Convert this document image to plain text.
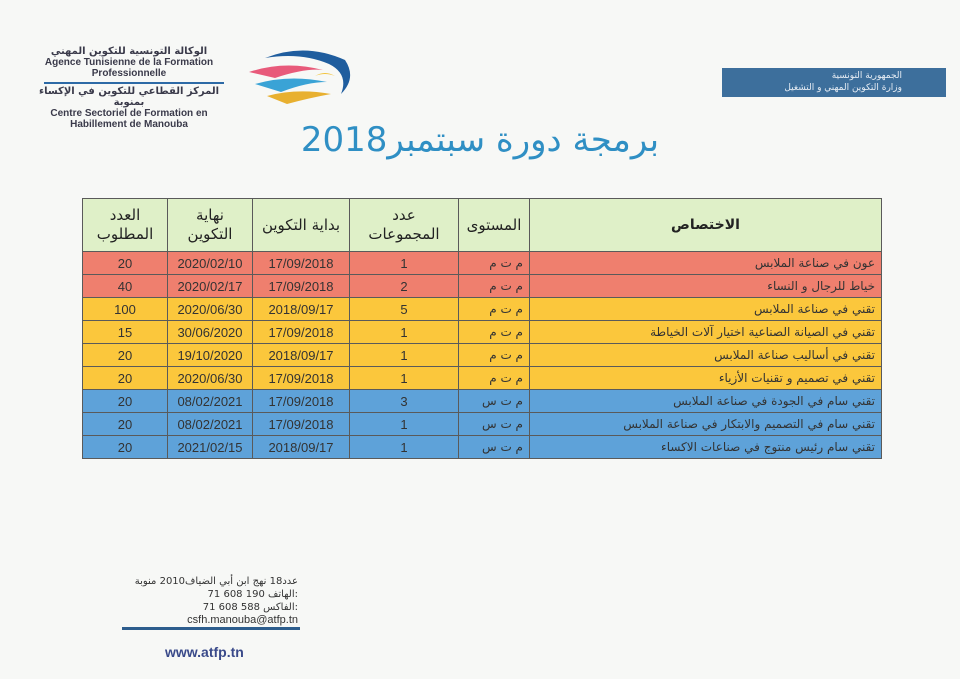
الوكالة التونسية للتكوين المهني
Agence Tunisienne de la Formation
Professionnelle
المركز القطاعي للتكوين في الإكساء بمنوبة
Centre Sectoriel de Formation en
Habillement de Manouba
الجمهورية التونسية
وزارة التكوين المهني و التشغيل
برمجة دورة سبتمبر2018
العدد المطلوب	نهاية التكوين	بداية التكوين	عدد المجموعات	المستوى	الاختصاص
20	2020/02/10	17/09/2018	1	م ت م	عون في صناعة الملابس
40	2020/02/17	17/09/2018	2	م ت م	خياط للرجال و النساء
100	2020/06/30	2018/09/17	5	م ت م	تقني في صناعة الملابس
15	30/06/2020	17/09/2018	1	م ت م	تقني في الصيانة الصناعية اختيار آلات الخياطة
20	19/10/2020	2018/09/17	1	م ت م	تقني في أساليب صناعة الملابس
20	2020/06/30	17/09/2018	1	م ت م	تقني في تصميم و تقنيات الأزياء
20	08/02/2021	17/09/2018	3	م ت س	تقني سام في الجودة في صناعة الملابس
20	08/02/2021	17/09/2018	1	م ت س	تقني سام في التصميم والابتكار في صناعة الملابس
20	2021/02/15	2018/09/17	1	م ت س	تقني سام رئيس منتوج في صناعات الاكساء
عدد18 نهج ابن أبي الضياف2010 منوبة
71 608 190 الهاتف:
71 608 588 الفاكس:
csfh.manouba@atfp.tn
www.atfp.tn
